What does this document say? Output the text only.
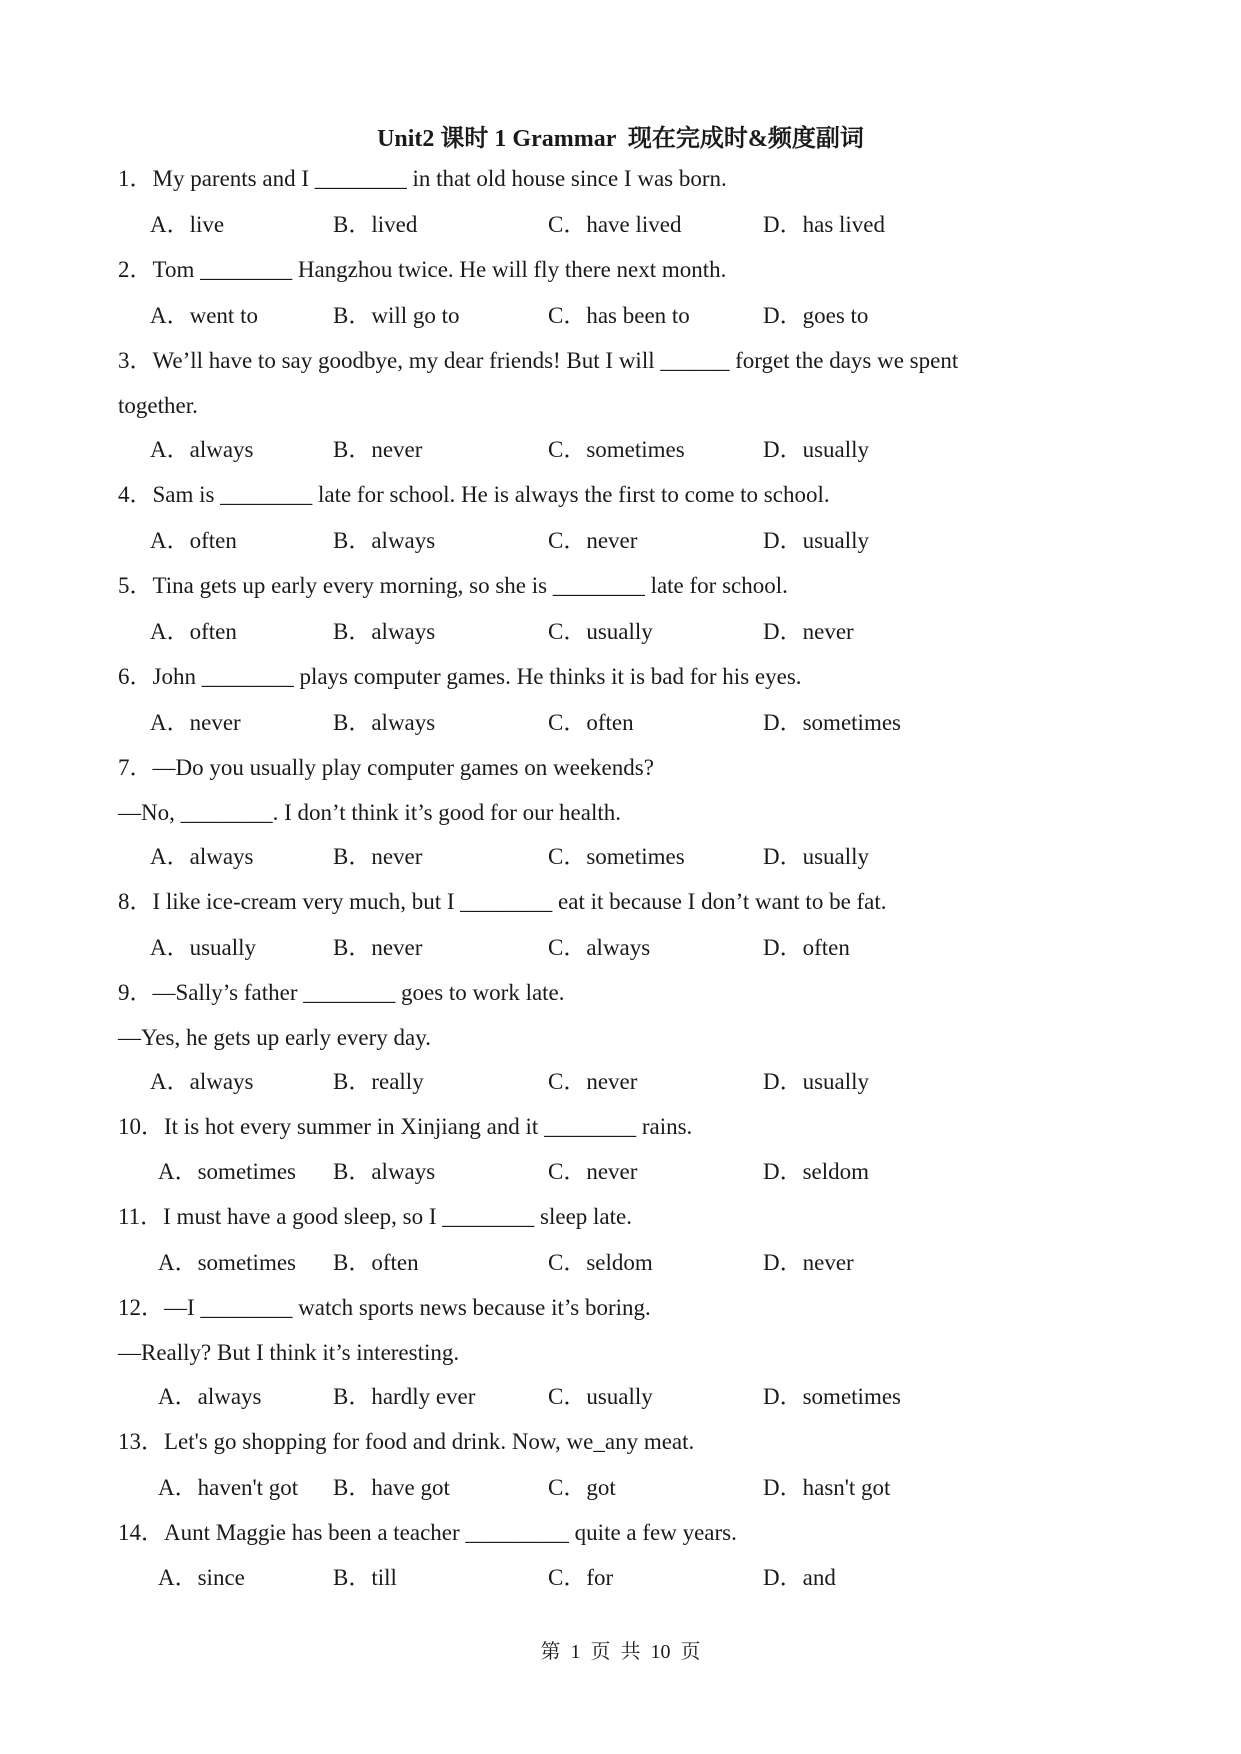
Unit2 课时 1 Grammar  现在完成时&频度副词
1．My parents and I ________ in that old house since I was born.
A．live	B．lived	C．have lived	D．has lived
2．Tom ________ Hangzhou twice. He will fly there next month.
A．went to	B．will go to	C．has been to	D．goes to
3．We’ll have to say goodbye, my dear friends! But I will ______ forget the days we spent
together.
A．always	B．never	C．sometimes	D．usually
4．Sam is ________ late for school. He is always the first to come to school.
A．often	B．always	C．never	D．usually
5．Tina gets up early every morning, so she is ________ late for school.
A．often	B．always	C．usually	D．never
6．John ________ plays computer games. He thinks it is bad for his eyes.
A．never	B．always	C．often	D．sometimes
7．—Do you usually play computer games on weekends?
—No, ________. I don’t think it’s good for our health.
A．always	B．never	C．sometimes	D．usually
8．I like ice-cream very much, but I ________ eat it because I don’t want to be fat.
A．usually	B．never	C．always	D．often
9．—Sally’s father ________ goes to work late.
—Yes, he gets up early every day.
A．always	B．really	C．never	D．usually
10．It is hot every summer in Xinjiang and it ________ rains.
A．sometimes B．always	C．never	D．seldom
11．I must have a good sleep, so I ________ sleep late.
A．sometimes B．often	C．seldom	D．never
12．—I ________ watch sports news because it’s boring.
—Really? But I think it’s interesting.
A．always	B．hardly ever	C．usually	D．sometimes
13．Let's go shopping for food and drink. Now, we_any meat.
A．haven't got B．have got	C．got	D．hasn't got
14．Aunt Maggie has been a teacher _________ quite a few years.
A．since	B．till	C．for	D．and
第  1  页  共  10  页
